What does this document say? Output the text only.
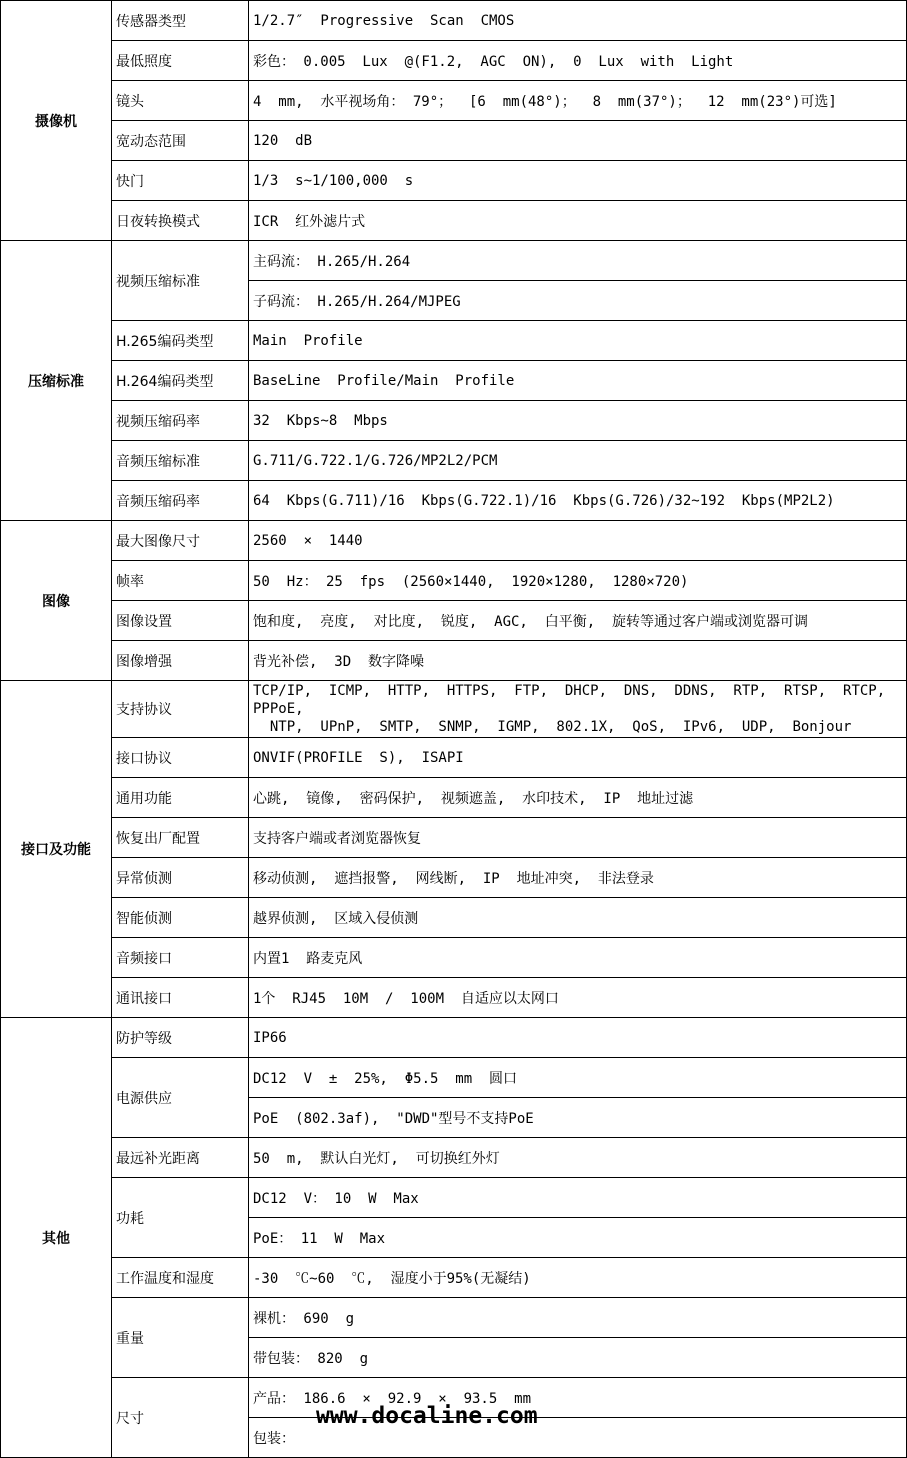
摄像机	传感器类型	1/2.7″  Progressive  Scan  CMOS
	最低照度	彩色： 0.005  Lux  @(F1.2,  AGC  ON),  0  Lux  with  Light
	镜头	4  mm,  水平视场角： 79°；  [6  mm(48°)；  8  mm(37°)；  12  mm(23°)可选]
	宽动态范围	120  dB
	快门	1/3  s~1/100,000  s
	日夜转换模式	ICR  红外滤片式
压缩标准	视频压缩标准	主码流： H.265/H.264
		子码流： H.265/H.264/MJPEG
	H.265编码类型	Main  Profile
	H.264编码类型	BaseLine  Profile/Main  Profile
	视频压缩码率	32  Kbps~8  Mbps
	音频压缩标准	G.711/G.722.1/G.726/MP2L2/PCM
	音频压缩码率	64  Kbps(G.711)/16  Kbps(G.722.1)/16  Kbps(G.726)/32~192  Kbps(MP2L2)
图像	最大图像尺寸	2560  ×  1440
	帧率	50  Hz： 25  fps  (2560×1440,  1920×1280,  1280×720)
	图像设置	饱和度,  亮度,  对比度,  锐度,  AGC,  白平衡,  旋转等通过客户端或浏览器可调
	图像增强	背光补偿,  3D  数字降噪
接口及功能	支持协议	TCP/IP,  ICMP,  HTTP,  HTTPS,  FTP,  DHCP,  DNS,  DDNS,  RTP,  RTSP,  RTCP,  PPPoE,
NTP,  UPnP,  SMTP,  SNMP,  IGMP,  802.1X,  QoS,  IPv6,  UDP,  Bonjour
	接口协议	ONVIF(PROFILE  S),  ISAPI
	通用功能	心跳,  镜像,  密码保护,  视频遮盖,  水印技术,  IP  地址过滤
	恢复出厂配置	支持客户端或者浏览器恢复
	异常侦测	移动侦测,  遮挡报警,  网线断,  IP  地址冲突,  非法登录
	智能侦测	越界侦测,  区域入侵侦测
	音频接口	内置1  路麦克风
	通讯接口	1个  RJ45  10M  /  100M  自适应以太网口
其他	防护等级	IP66
	电源供应	DC12  V  ±  25%,  Φ5.5  mm  圆口
		PoE  (802.3af),  "DWD"型号不支持PoE
	最远补光距离	50  m,  默认白光灯,  可切换红外灯
	功耗	DC12  V： 10  W  Max
		PoE： 11  W  Max
	工作温度和湿度	-30  ℃~60  ℃,  湿度小于95%(无凝结)
	重量	裸机： 690  g
		带包装： 820  g
	尺寸	产品： 186.6  ×  92.9  ×  93.5  mm
		包装：
www.docaline.com
